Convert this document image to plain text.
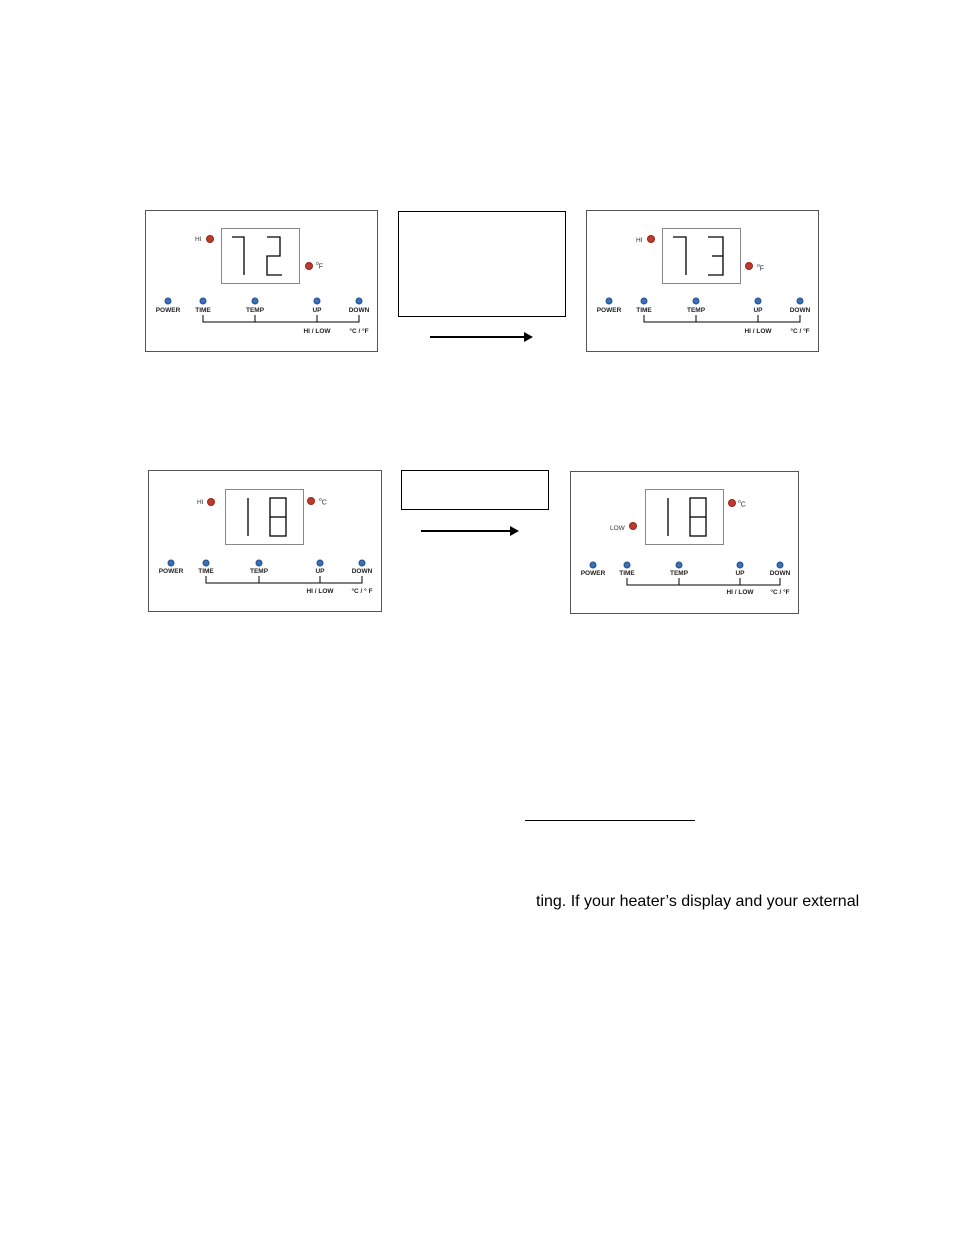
HI
$^o$F
POWER TIME	TEMP	UP	DOWN
HI / LOW	°C / °F
HI
$^o$F
POWER TIME	TEMP	UP	DOWN
HI / LOW	°C / °F
HI	$^o$C
POWER TIME	TEMP	UP	DOWN
HI / LOW	°C / ° F
LOW
$^o$C
POWER TIME	TEMP	UP	DOWN
HI / LOW	°C / °F
ting. If your heater’s display and your external
